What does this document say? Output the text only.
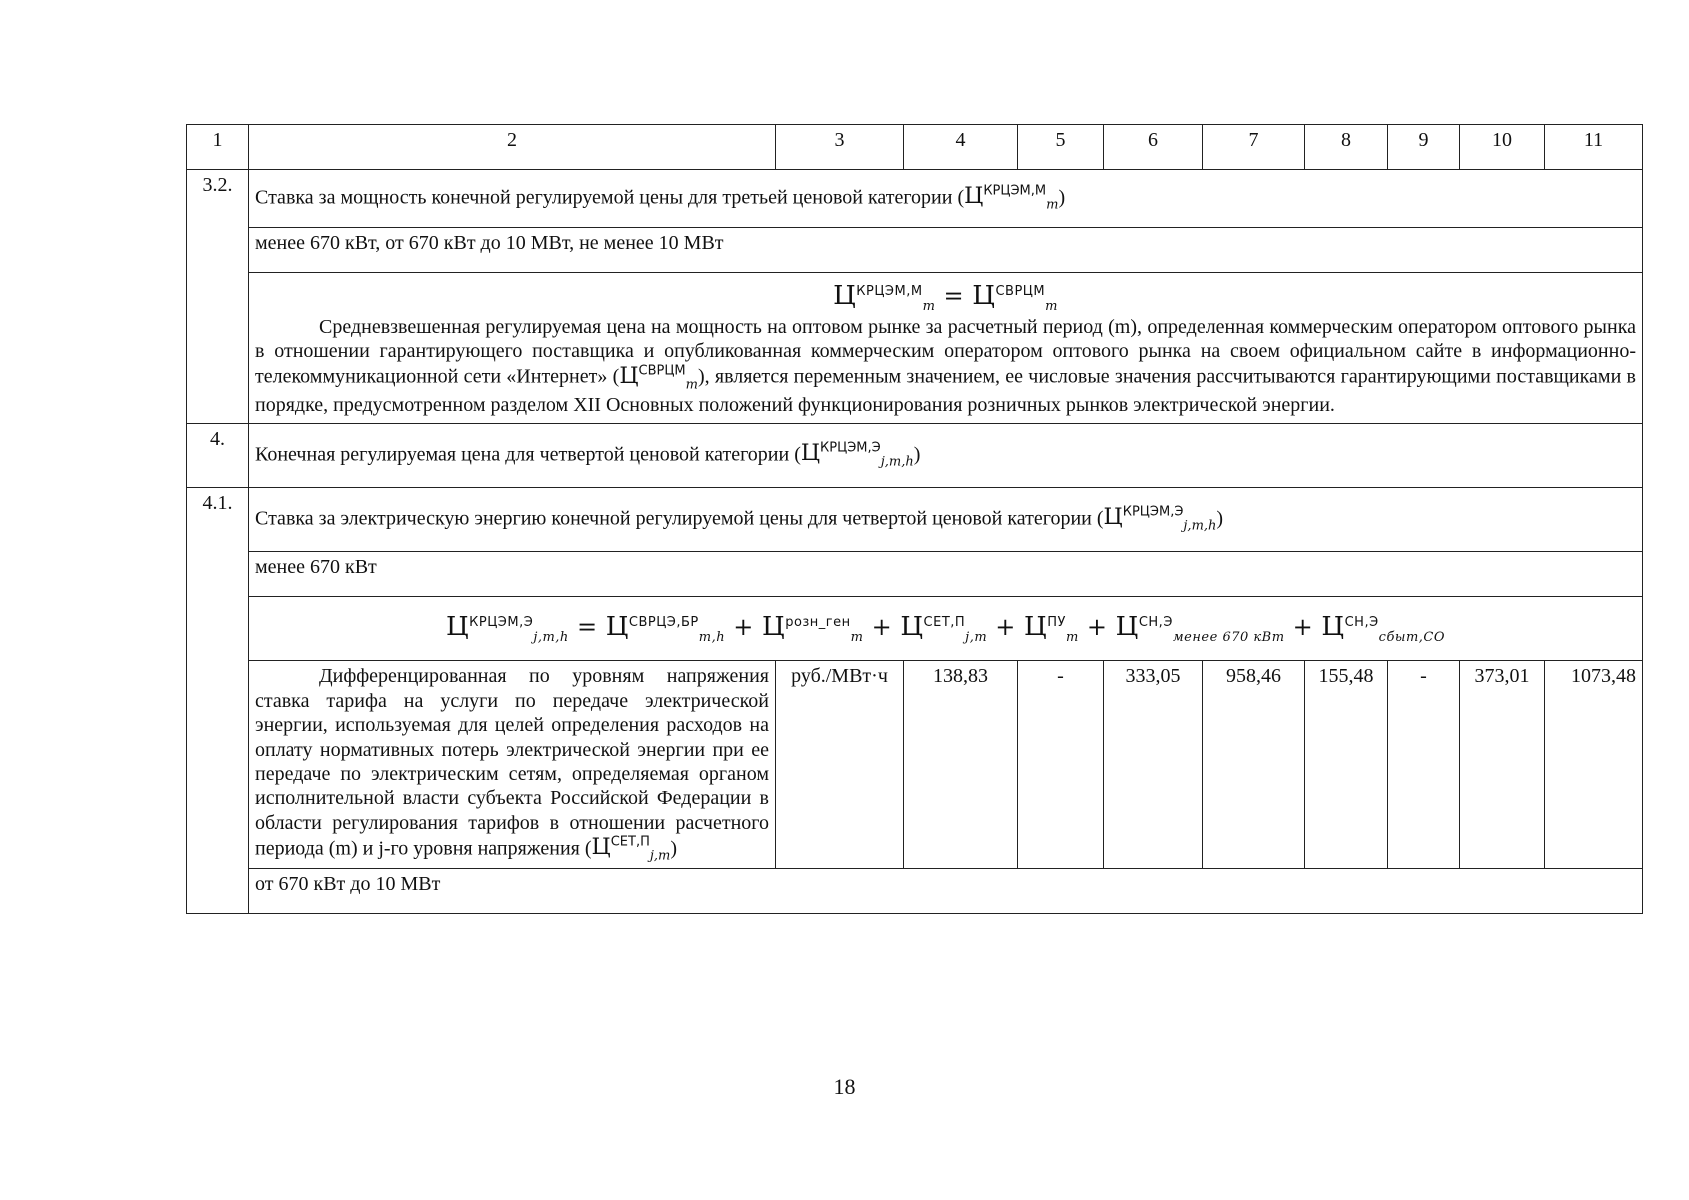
1	2	3	4	5	6	7	8	9	10	11
3.2.	Ставка за мощность конечной регулируемой цены для третьей ценовой категории $(Ц^{КРЦЭМ,М}_m)$									
	менее 670 кВт, от 670 кВт до 10 МВт, не менее 10 МВт									

	$Ц^{КРЦЭМ,М}_m = Ц^{СВРЦМ}_m$
Средневзвешенная регулируемая цена на мощность на оптовом рынке за расчетный период (m), определенная коммерческим оператором оптового рынка в отношении гарантирующего поставщика и опубликованная коммерческим оператором оптового рынка на своем официальном сайте в информационно-телекоммуникационной сети «Интернет» $(Ц^{СВРЦМ}_m)$, является переменным значением, ее числовые значения рассчитываются гарантирующими поставщиками в порядке, предусмотренном разделом XII Основных положений функционирования розничных рынков электрической энергии.									

4.	Конечная регулируемая цена для четвертой ценовой категории $(Ц^{КРЦЭМ,Э}_{j,m,h})$									
4.1.	Ставка за электрическую энергию конечной регулируемой цены для четвертой ценовой категории $(Ц^{КРЦЭМ,Э}_{j,m,h})$									
	менее 670 кВт									
	$Ц^{КРЦЭМ,Э}_{j,m,h} = Ц^{СВРЦЭ,БР}_{m,h} + Ц^{розн\_ген}_m + Ц^{СЕТ,П}_{j,m} + Ц^{ПУ}_m + Ц^{СН,Э}_{менее 670 кВт} + Ц^{СН,Э}_{сбыт,СО}$
	Дифференцированная по уровням напряжения ставка тарифа на услуги по передаче электрической энергии, используемая для целей определения расходов на оплату нормативных потерь электрической энергии при ее передаче по электрическим сетям, определяемая органом исполнительной власти субъекта Российской Федерации в области регулирования тарифов в отношении расчетного периода (m) и j-го уровня напряжения $(Ц^{СЕТ,П}_{j,m})$	руб./МВт·ч	138,83	-	333,05	958,46	155,48	-	373,01	1073,48
	от 670 кВт до 10 МВт									
18
